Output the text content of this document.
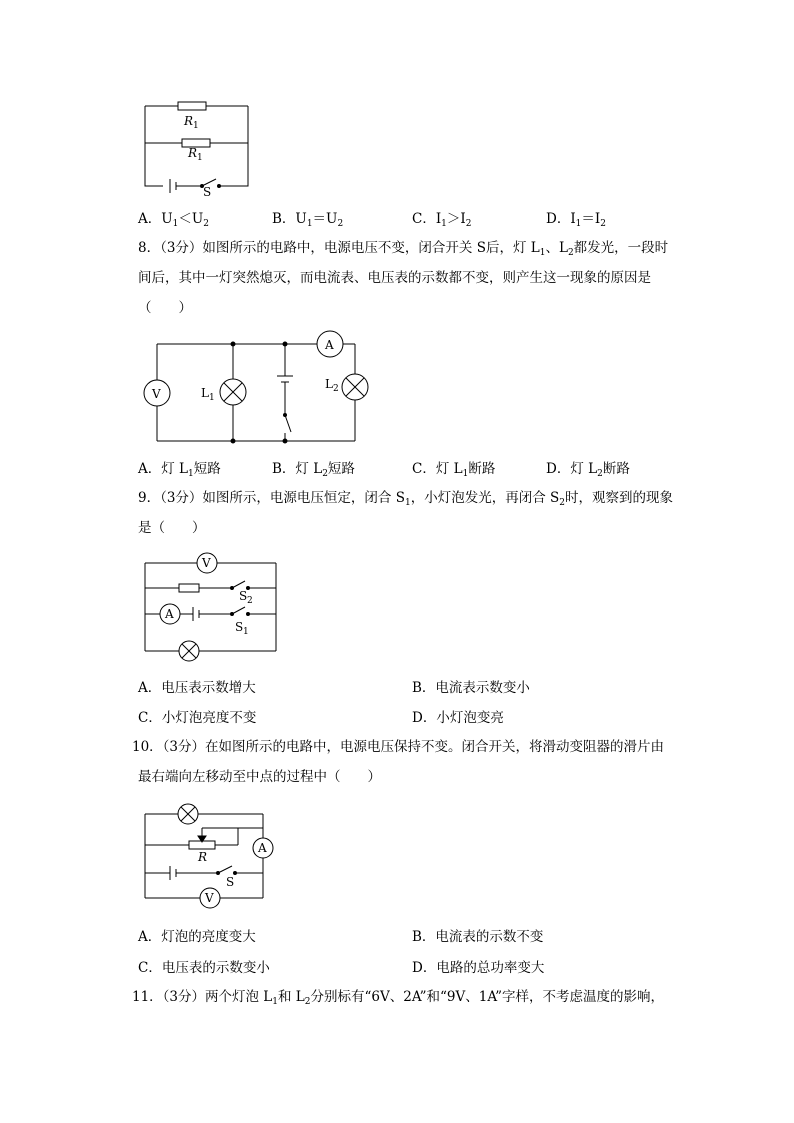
R 1
R 1
S
A．$U_1<U_2$	B．$U_1=U_2$	C．$I_1>I_2$	D．$I_1=I_2$
8．（3分）如图所示的电路中，电源电压不变，闭合开关 S后，灯 $L_1$、$L_2$都发光，一段时
间后，其中一灯突然熄灭，而电流表、电压表的示数都不变，则产生这一现象的原因是
（　　）
V	L 1
A
L 2
A．灯 $L_1$短路	B．灯 $L_2$短路	C．灯 $L_1$断路	D．灯 $L_2$断路
9．（3分）如图所示，电源电压恒定，闭合 $S_1$，小灯泡发光，再闭合 $S_2$时，观察到的现象
是（　　）
V
S 2
A
S 1
A．电压表示数增大	B．电流表示数变小
C．小灯泡亮度不变	D．小灯泡变亮
10．（3分）在如图所示的电路中，电源电压保持不变。闭合开关，将滑动变阻器的滑片由
最右端向左移动至中点的过程中（　　）
A
R
S
V
A．灯泡的亮度变大	B．电流表的示数不变
C．电压表的示数变小	D．电路的总功率变大
11．（3分）两个灯泡 $L_1$和 $L_2$分别标有“6V、2A”和“9V、1A”字样，不考虑温度的影响，
